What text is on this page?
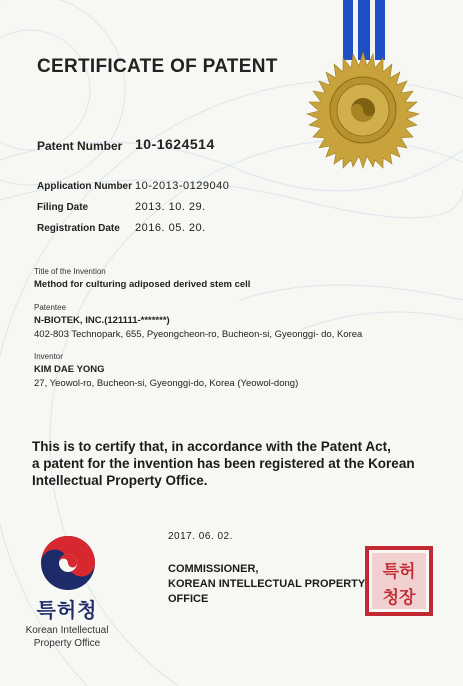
CERTIFICATE OF PATENT
Patent Number 10-1624514
Application Number 10-2013-0129040
Filing Date	2013. 10. 29.
Registration Date 2016. 05. 20.
Title of the Invention
Method for culturing adiposed derived stem cell
Patentee
N-BIOTEK, INC.(121111-*******)
402-803 Technopark, 655, Pyeongcheon-ro, Bucheon-si, Gyeonggi- do, Korea
Inventor
KIM DAE YONG
27, Yeowol-ro, Bucheon-si, Gyeonggi-do, Korea (Yeowol-dong)
This is to certify that, in accordance with the Patent Act,
a patent for the invention has been registered at the Korean
Intellectual Property Office.
특허청
Korean Intellectual
Property Office
2017. 06. 02.
COMMISSIONER,
KOREAN INTELLECTUAL PROPERTY OFFICE
특허
청장
